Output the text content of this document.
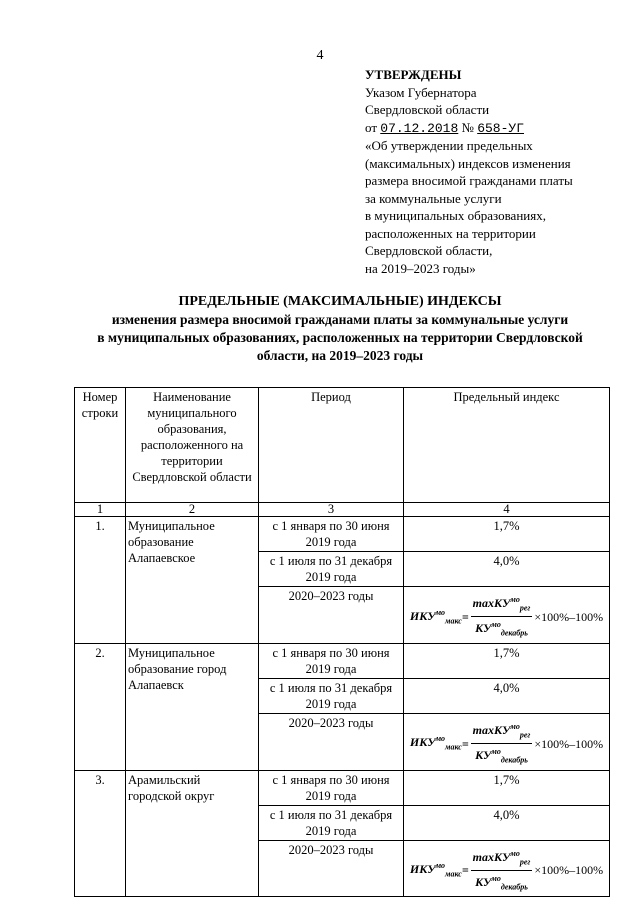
4
УТВЕРЖДЕНЫ
Указом Губернатора
Свердловской области
от 07.12.2018 № 658-УГ
«Об утверждении предельных
(максимальных) индексов изменения
размера вносимой гражданами платы
за коммунальные услуги
в муниципальных образованиях,
расположенных на территории
Свердловской области,
на 2019–2023 годы»
ПРЕДЕЛЬНЫЕ (МАКСИМАЛЬНЫЕ) ИНДЕКСЫ
изменения размера вносимой гражданами платы за коммунальные услуги
в муниципальных образованиях, расположенных на территории Свердловской
области, на 2019–2023 годы
Номер строки	Наименование муниципального образования, расположенного на территории Свердловской области	Период	Предельный индекс
1	2	3	4
1.	Муниципальное образование Алапаевское	с 1 января по 30 июня 2019 года	1,7%
		с 1 июля по 31 декабря 2019 года	4,0%
		2020–2023 годы	$ИКУ^{мо}_{макс} = \frac{\max КУ^{мо}_{рег}}{КУ^{мо}_{декабрь}} \times 100\%-100\%$

2.	Муниципальное образование город Алапаевск	с 1 января по 30 июня 2019 года	1,7%
		с 1 июля по 31 декабря 2019 года	4,0%
		2020–2023 годы	$ИКУ^{мо}_{макс} = \frac{\max КУ^{мо}_{рег}}{КУ^{мо}_{декабрь}} \times 100\%-100\%$

3.	Арамильский городской округ	с 1 января по 30 июня 2019 года	1,7%
		с 1 июля по 31 декабря 2019 года	4,0%
		2020–2023 годы	$ИКУ^{мо}_{макс} = \frac{\max КУ^{мо}_{рег}}{КУ^{мо}_{декабрь}} \times 100\%-100\%$
